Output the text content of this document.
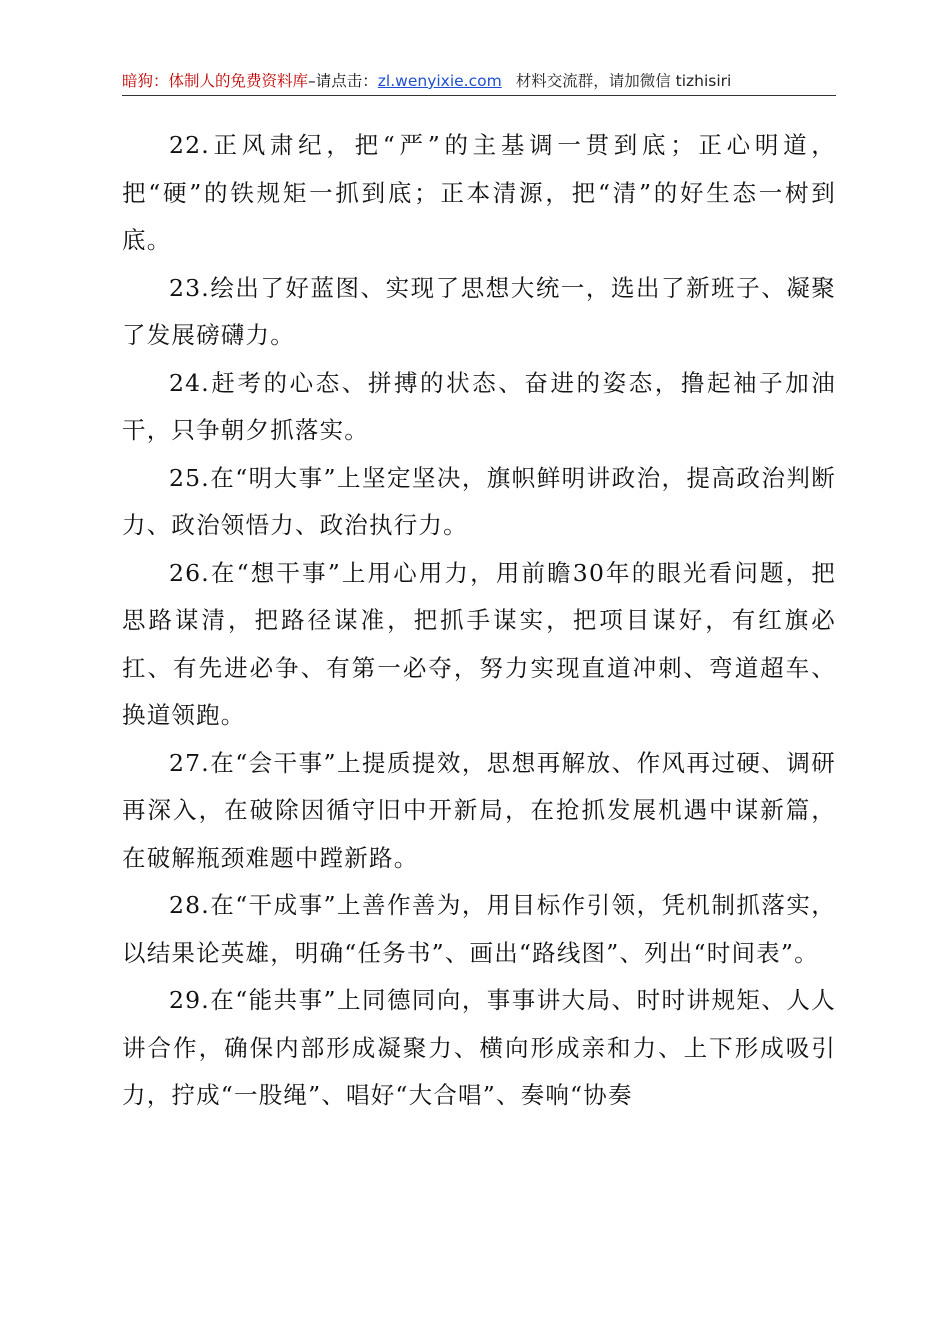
暗狗：体制人的免费资料库–请点击：zl.wenyixie.com 材料交流群，请加微信 tizhisiri

22.正风肃纪，把“严”的主基调一贯到底；正心明道，把“硬”的铁规矩一抓到底；正本清源，把“清”的好生态一树到底。

23.绘出了好蓝图、实现了思想大统一，选出了新班子、凝聚了发展磅礴力。

24.赶考的心态、拼搏的状态、奋进的姿态，撸起袖子加油干，只争朝夕抓落实。

25.在“明大事”上坚定坚决，旗帜鲜明讲政治，提高政治判断力、政治领悟力、政治执行力。

26.在“想干事”上用心用力，用前瞻30年的眼光看问题，把思路谋清，把路径谋准，把抓手谋实，把项目谋好，有红旗必扛、有先进必争、有第一必夺，努力实现直道冲刺、弯道超车、换道领跑。

27.在“会干事”上提质提效，思想再解放、作风再过硬、调研再深入，在破除因循守旧中开新局，在抢抓发展机遇中谋新篇，在破解瓶颈难题中蹚新路。

28.在“干成事”上善作善为，用目标作引领，凭机制抓落实，以结果论英雄，明确“任务书”、画出“路线图”、列出“时间表”。

29.在“能共事”上同德同向，事事讲大局、时时讲规矩、人人讲合作，确保内部形成凝聚力、横向形成亲和力、上下形成吸引力，拧成“一股绳”、唱好“大合唱”、奏响“协奏
